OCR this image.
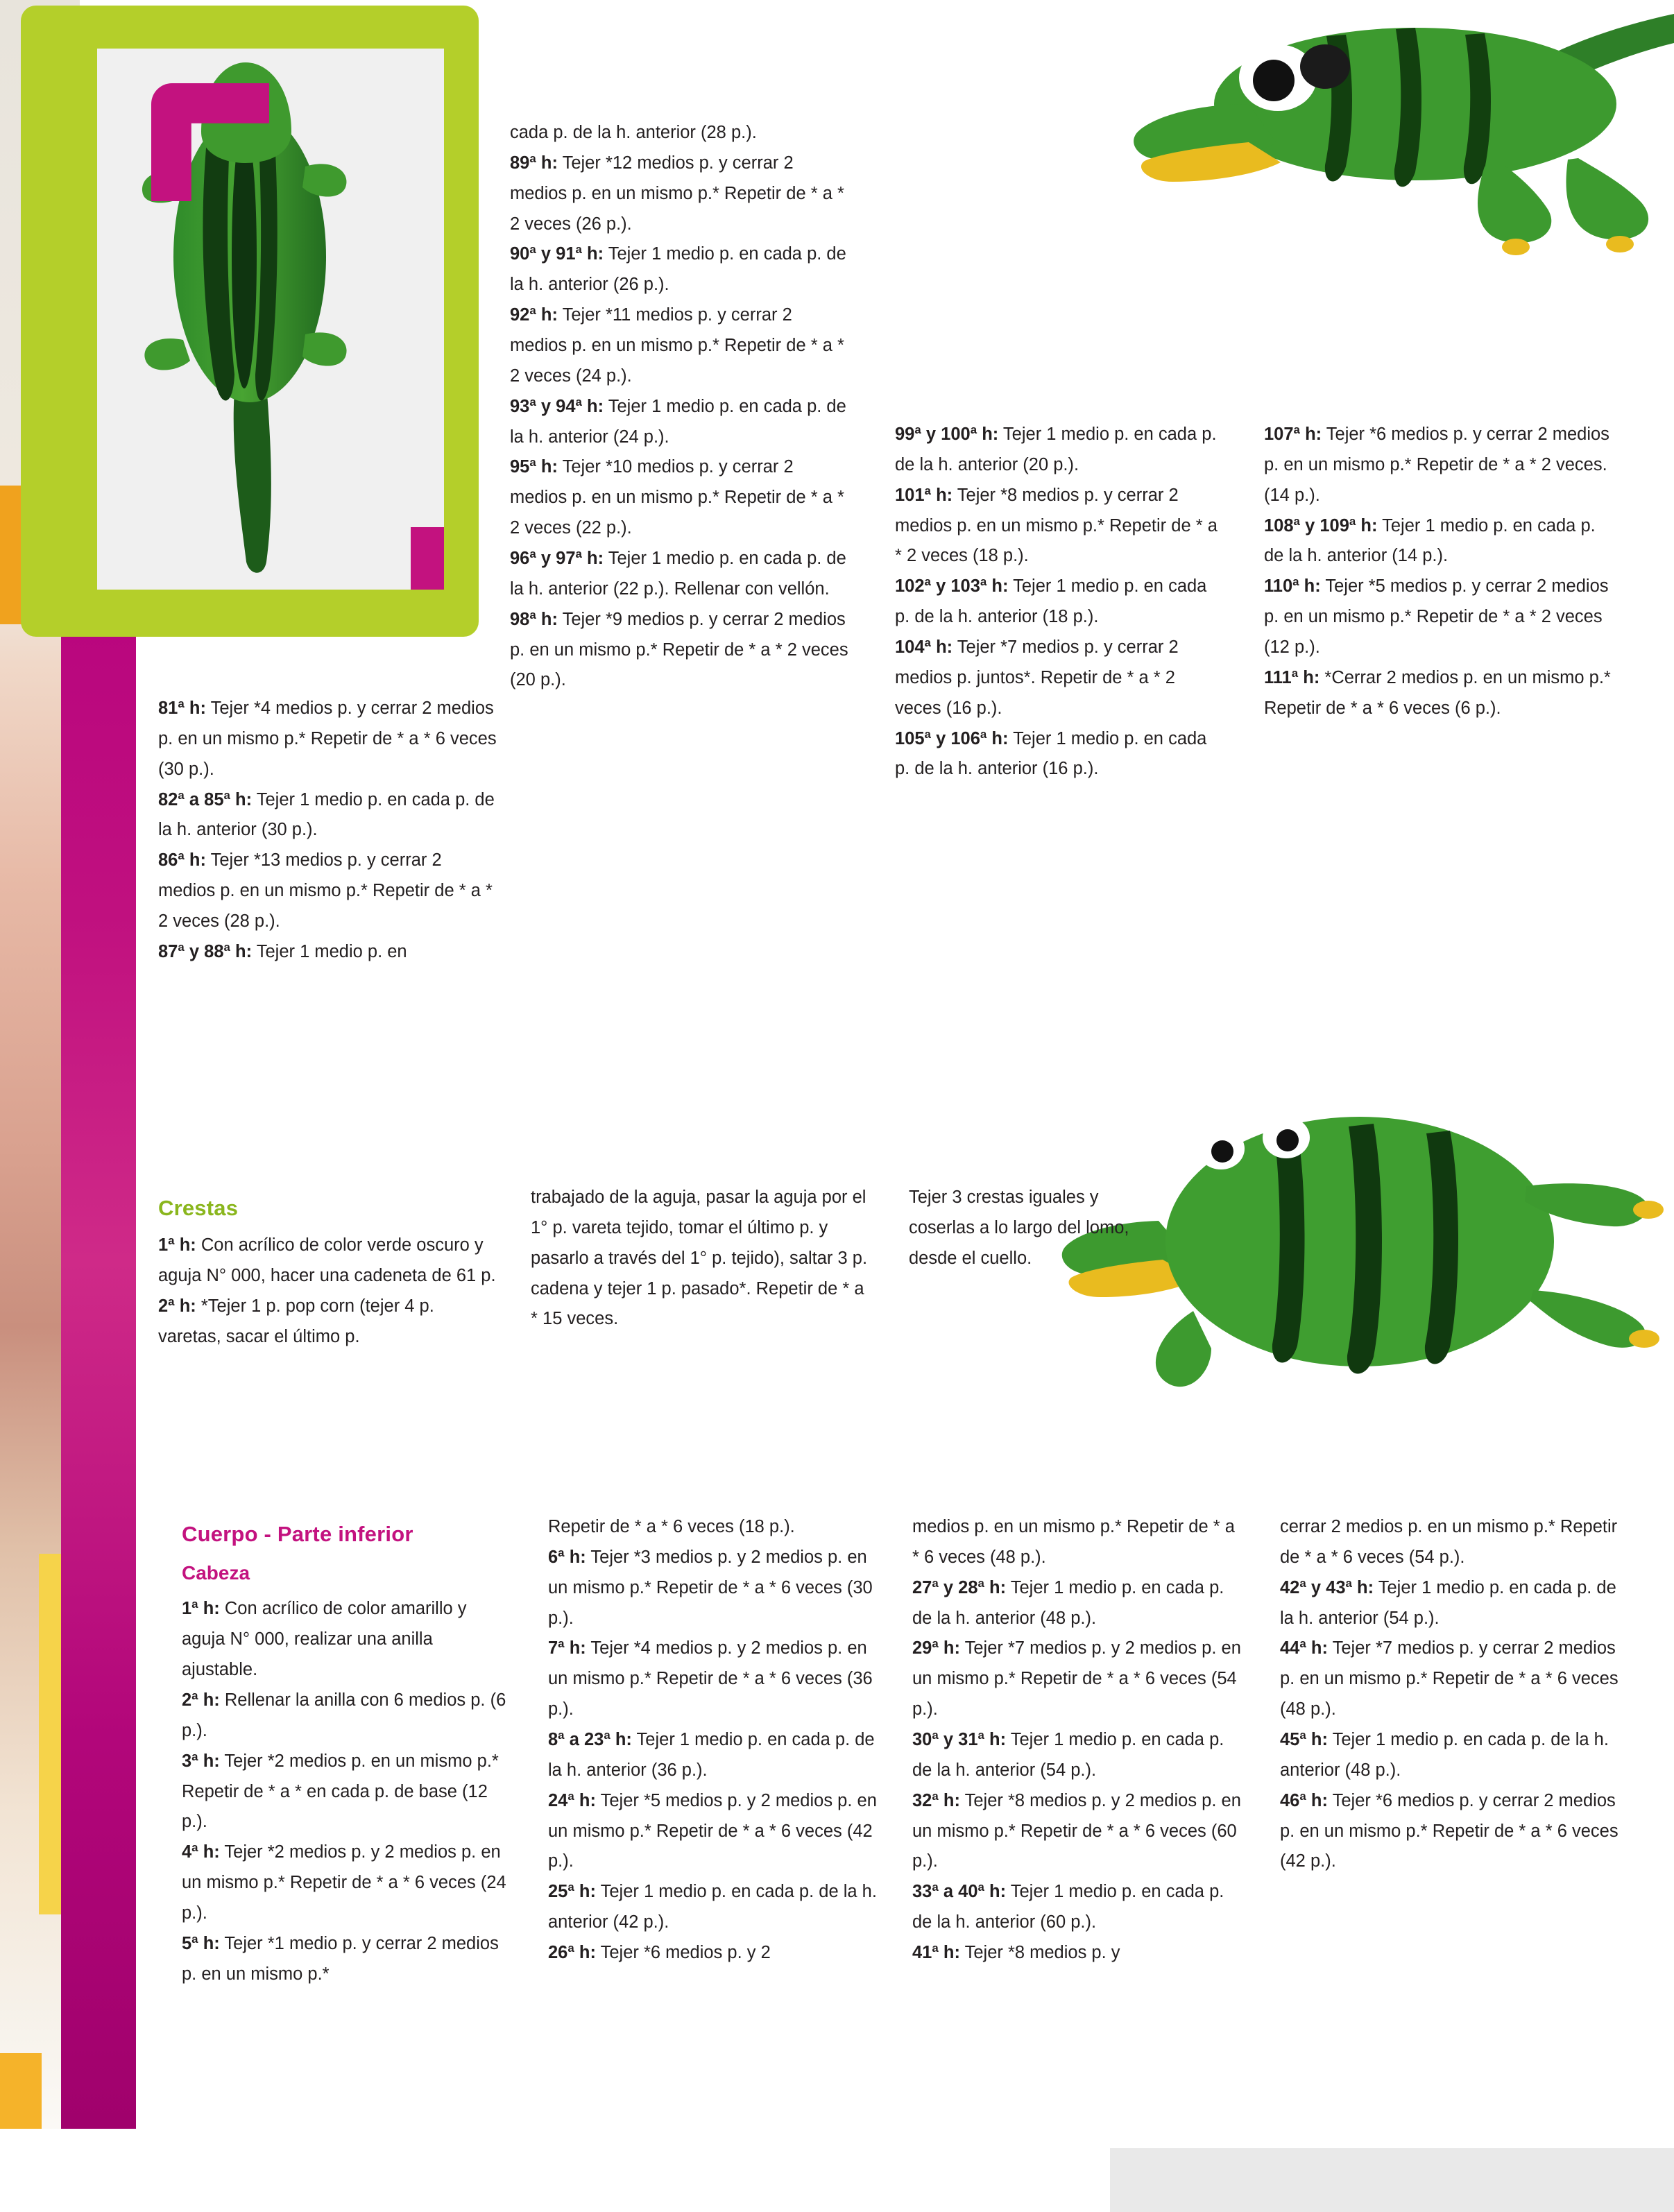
81ª h: Tejer *4 medios p. y cerrar 2 medios p. en un mismo p.* Repetir de * a * 6 veces (30 p.).

82ª a 85ª h: Tejer 1 medio p. en cada p. de la h. anterior (30 p.).

86ª h: Tejer *13 medios p. y cerrar 2 medios p. en un mismo p.* Repetir de * a * 2 veces (28 p.).

87ª y 88ª h: Tejer 1 medio p. en

cada p. de la h. anterior (28 p.).

89ª h: Tejer *12 medios p. y cerrar 2 medios p. en un mismo p.* Repetir de * a * 2 veces (26 p.).

90ª y 91ª h: Tejer 1 medio p. en cada p. de la h. anterior (26 p.).

92ª h: Tejer *11 medios p. y cerrar 2 medios p. en un mismo p.* Repetir de * a * 2 veces (24 p.).

93ª y 94ª h: Tejer 1 medio p. en cada p. de la h. anterior (24 p.).

95ª h: Tejer *10 medios p. y cerrar 2 medios p. en un mismo p.* Repetir de * a * 2 veces (22 p.).

96ª y 97ª h: Tejer 1 medio p. en cada p. de la h. anterior (22 p.). Rellenar con vellón.

98ª h: Tejer *9 medios p. y cerrar 2 medios p. en un mismo p.* Repetir de * a * 2 veces (20 p.).

99ª y 100ª h: Tejer 1 medio p. en cada p. de la h. anterior (20 p.).

101ª h: Tejer *8 medios p. y cerrar 2 medios p. en un mismo p.* Repetir de * a * 2 veces (18 p.).

102ª y 103ª h: Tejer 1 medio p. en cada p. de la h. anterior (18 p.).

104ª h: Tejer *7 medios p. y cerrar 2 medios p. juntos*. Repetir de * a * 2 veces (16 p.).

105ª y 106ª h: Tejer 1 medio p. en cada p. de la h. anterior (16 p.).

107ª h: Tejer *6 medios p. y cerrar 2 medios p. en un mismo p.* Repetir de * a * 2 veces. (14 p.).

108ª y 109ª h: Tejer 1 medio p. en cada p. de la h. anterior (14 p.).

110ª h: Tejer *5 medios p. y cerrar 2 medios p. en un mismo p.* Repetir de * a * 2 veces (12 p.).

111ª h: *Cerrar 2 medios p. en un mismo p.* Repetir de * a * 6 veces (6 p.).

Crestas

1ª h: Con acrílico de color verde oscuro y aguja N° 000, hacer una cadeneta de 61 p.

2ª h: *Tejer 1 p. pop corn (tejer 4 p. varetas, sacar el último p.

trabajado de la aguja, pasar la aguja por el 1° p. vareta tejido, tomar el último p. y pasarlo a través del 1° p. tejido), saltar 3 p. cadena y tejer 1 p. pasado*. Repetir de * a * 15 veces.

Tejer 3 crestas iguales y coserlas a lo largo del lomo, desde el cuello.

Cuerpo - Parte inferior
Cabeza

1ª h: Con acrílico de color amarillo y aguja N° 000, realizar una anilla ajustable.

2ª h: Rellenar la anilla con 6 medios p. (6 p.).

3ª h: Tejer *2 medios p. en un mismo p.* Repetir de * a * en cada p. de base (12 p.).

4ª h: Tejer *2 medios p. y 2 medios p. en un mismo p.* Repetir de * a * 6 veces (24 p.).

5ª h: Tejer *1 medio p. y cerrar 2 medios p. en un mismo p.*

Repetir de * a * 6 veces (18 p.).

6ª h: Tejer *3 medios p. y 2 medios p. en un mismo p.* Repetir de * a * 6 veces (30 p.).

7ª h: Tejer *4 medios p. y 2 medios p. en un mismo p.* Repetir de * a * 6 veces (36 p.).

8ª a 23ª h: Tejer 1 medio p. en cada p. de la h. anterior (36 p.).

24ª h: Tejer *5 medios p. y 2 medios p. en un mismo p.* Repetir de * a * 6 veces (42 p.).

25ª h: Tejer 1 medio p. en cada p. de la h. anterior (42 p.).

26ª h: Tejer *6 medios p. y 2

medios p. en un mismo p.* Repetir de * a * 6 veces (48 p.).

27ª y 28ª h: Tejer 1 medio p. en cada p. de la h. anterior (48 p.).

29ª h: Tejer *7 medios p. y 2 medios p. en un mismo p.* Repetir de * a * 6 veces (54 p.).

30ª y 31ª h: Tejer 1 medio p. en cada p. de la h. anterior (54 p.).

32ª h: Tejer *8 medios p. y 2 medios p. en un mismo p.* Repetir de * a * 6 veces (60 p.).

33ª a 40ª h: Tejer 1 medio p. en cada p. de la h. anterior (60 p.).

41ª h: Tejer *8 medios p. y

cerrar 2 medios p. en un mismo p.* Repetir de * a * 6 veces (54 p.).

42ª y 43ª h: Tejer 1 medio p. en cada p. de la h. anterior (54 p.).

44ª h: Tejer *7 medios p. y cerrar 2 medios p. en un mismo p.* Repetir de * a * 6 veces (48 p.).

45ª h: Tejer 1 medio p. en cada p. de la h. anterior (48 p.).

46ª h: Tejer *6 medios p. y cerrar 2 medios p. en un mismo p.* Repetir de * a * 6 veces (42 p.).
